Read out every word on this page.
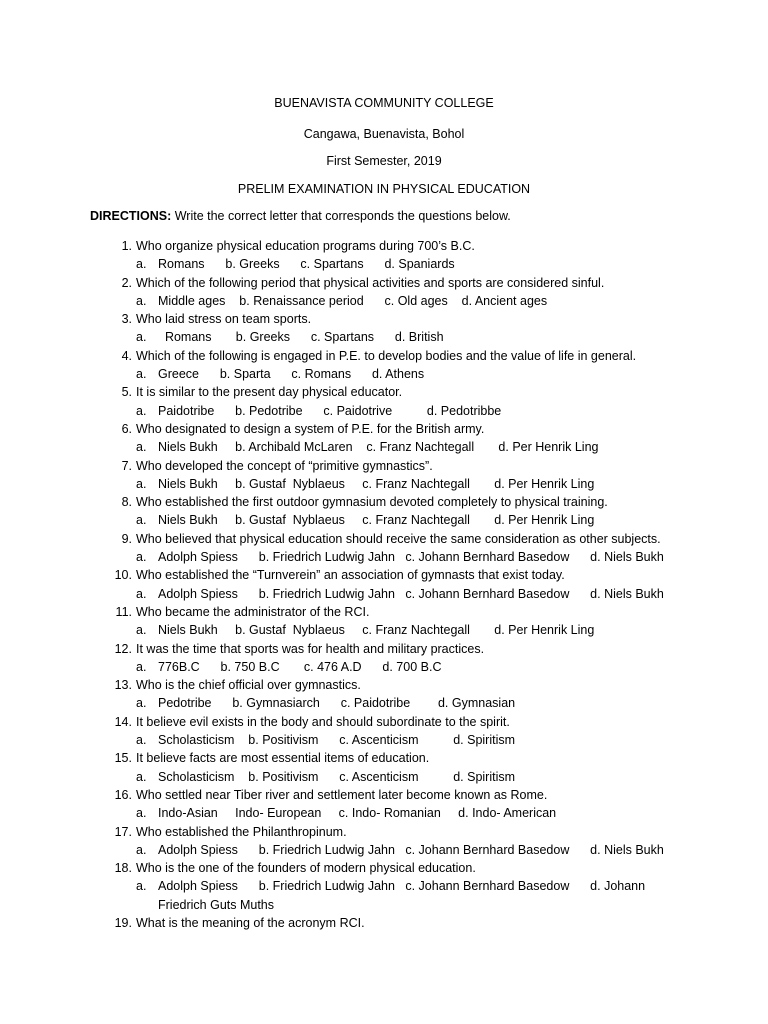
BUENAVISTA COMMUNITY COLLEGE
Cangawa, Buenavista, Bohol
First Semester, 2019
PRELIM EXAMINATION IN PHYSICAL EDUCATION
DIRECTIONS: Write the correct letter that corresponds the questions below.
1. Who organize physical education programs during 700’s B.C.
a. Romans      b. Greeks      c. Spartans      d. Spaniards
2. Which of the following period that physical activities and sports are considered sinful.
a. Middle ages    b. Renaissance period      c. Old ages    d. Ancient ages
3. Who laid stress on team sports.
a. Romans       b. Greeks      c. Spartans      d. British
4. Which of the following is engaged in P.E. to develop bodies and the value of life in general.
a. Greece      b. Sparta      c. Romans      d. Athens
5. It is similar to the present day physical educator.
a. Paidotribe      b. Pedotribe      c. Paidotrive          d. Pedotribbe
6. Who designated to design a system of P.E. for the British army.
a. Niels Bukh     b. Archibald McLaren    c. Franz Nachtegall       d. Per Henrik Ling
7. Who developed the concept of “primitive gymnastics”.
a. Niels Bukh     b. Gustaf  Nyblaeus     c. Franz Nachtegall       d. Per Henrik Ling
8. Who established the first outdoor gymnasium devoted completely to physical training.
a. Niels Bukh     b. Gustaf  Nyblaeus     c. Franz Nachtegall       d. Per Henrik Ling
9. Who believed that physical education should receive the same consideration as other subjects.
a. Adolph Spiess      b. Friedrich Ludwig Jahn   c. Johann Bernhard Basedow      d. Niels Bukh
10. Who established the “Turnverein” an association of gymnasts that exist today.
a. Adolph Spiess      b. Friedrich Ludwig Jahn   c. Johann Bernhard Basedow      d. Niels Bukh
11. Who became the administrator of the RCI.
a. Niels Bukh     b. Gustaf  Nyblaeus     c. Franz Nachtegall       d. Per Henrik Ling
12. It was the time that sports was for health and military practices.
a. 776B.C      b. 750 B.C       c. 476 A.D      d. 700 B.C
13. Who is the chief official over gymnastics.
a. Pedotribe      b. Gymnasiarch      c. Paidotribe        d. Gymnasian
14. It believe evil exists in the body and should subordinate to the spirit.
a. Scholasticism    b. Positivism      c. Ascenticism          d. Spiritism
15. It believe facts are most essential items of education.
a. Scholasticism    b. Positivism      c. Ascenticism          d. Spiritism
16. Who settled near Tiber river and settlement later become known as Rome.
a. Indo-Asian     Indo- European     c. Indo- Romanian     d. Indo- American
17. Who established the Philanthropinum.
a. Adolph Spiess      b. Friedrich Ludwig Jahn   c. Johann Bernhard Basedow      d. Niels Bukh
18. Who is the one of the founders of modern physical education.
a. Adolph Spiess      b. Friedrich Ludwig Jahn   c. Johann Bernhard Basedow      d. Johann
Friedrich Guts Muths
19. What is the meaning of the acronym RCI.
